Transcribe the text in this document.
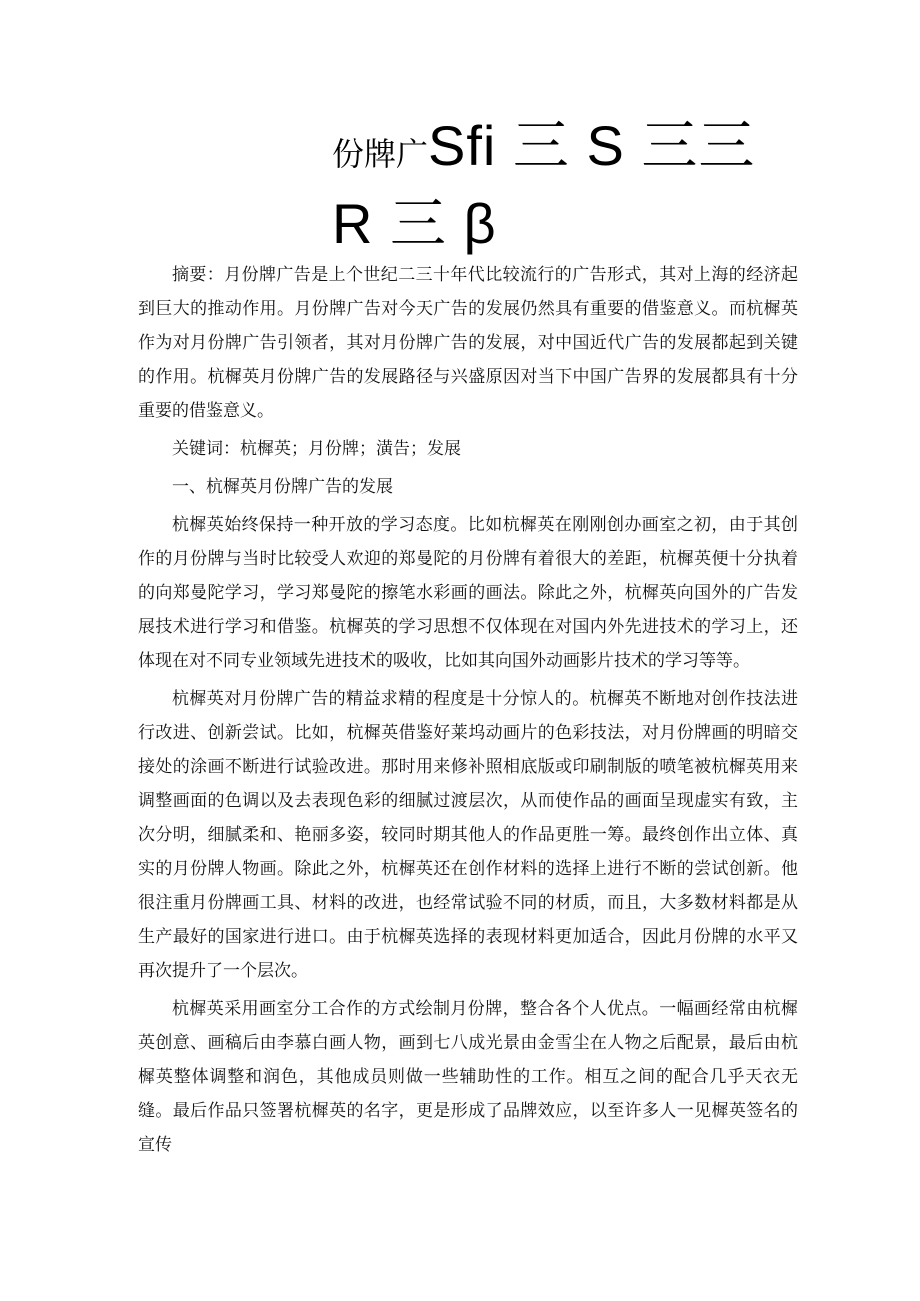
份牌广Sfi 三 S 三三
R 三 β

摘要：月份牌广告是上个世纪二三十年代比较流行的广告形式，其对上海的经济起到巨大的推动作用。月份牌广告对今天广告的发展仍然具有重要的借鉴意义。而杭樨英作为对月份牌广告引领者，其对月份牌广告的发展，对中国近代广告的发展都起到关键的作用。杭樨英月份牌广告的发展路径与兴盛原因对当下中国广告界的发展都具有十分重要的借鉴意义。

关键词：杭樨英；月份牌；潢告；发展

一、杭樨英月份牌广告的发展

杭樨英始终保持一种开放的学习态度。比如杭樨英在刚刚创办画室之初，由于其创作的月份牌与当时比较受人欢迎的郑曼陀的月份牌有着很大的差距，杭樨英便十分执着的向郑曼陀学习，学习郑曼陀的擦笔水彩画的画法。除此之外，杭樨英向国外的广告发展技术进行学习和借鉴。杭樨英的学习思想不仅体现在对国内外先进技术的学习上，还体现在对不同专业领域先进技术的吸收，比如其向国外动画影片技术的学习等等。

杭樨英对月份牌广告的精益求精的程度是十分惊人的。杭樨英不断地对创作技法进行改进、创新尝试。比如，杭樨英借鉴好莱坞动画片的色彩技法，对月份牌画的明暗交接处的涂画不断进行试验改进。那时用来修补照相底版或印刷制版的喷笔被杭樨英用来调整画面的色调以及去表现色彩的细腻过渡层次，从而使作品的画面呈现虚实有致，主次分明，细腻柔和、艳丽多姿，较同时期其他人的作品更胜一筹。最终创作出立体、真实的月份牌人物画。除此之外，杭樨英还在创作材料的选择上进行不断的尝试创新。他很注重月份牌画工具、材料的改进，也经常试验不同的材质，而且，大多数材料都是从生产最好的国家进行进口。由于杭樨英选择的表现材料更加适合，因此月份牌的水平又再次提升了一个层次。

杭樨英采用画室分工合作的方式绘制月份牌，整合各个人优点。一幅画经常由杭樨英创意、画稿后由李慕白画人物，画到七八成光景由金雪尘在人物之后配景，最后由杭樨英整体调整和润色，其他成员则做一些辅助性的工作。相互之间的配合几乎天衣无缝。最后作品只签署杭樨英的名字，更是形成了品牌效应，以至许多人一见樨英签名的宣传
